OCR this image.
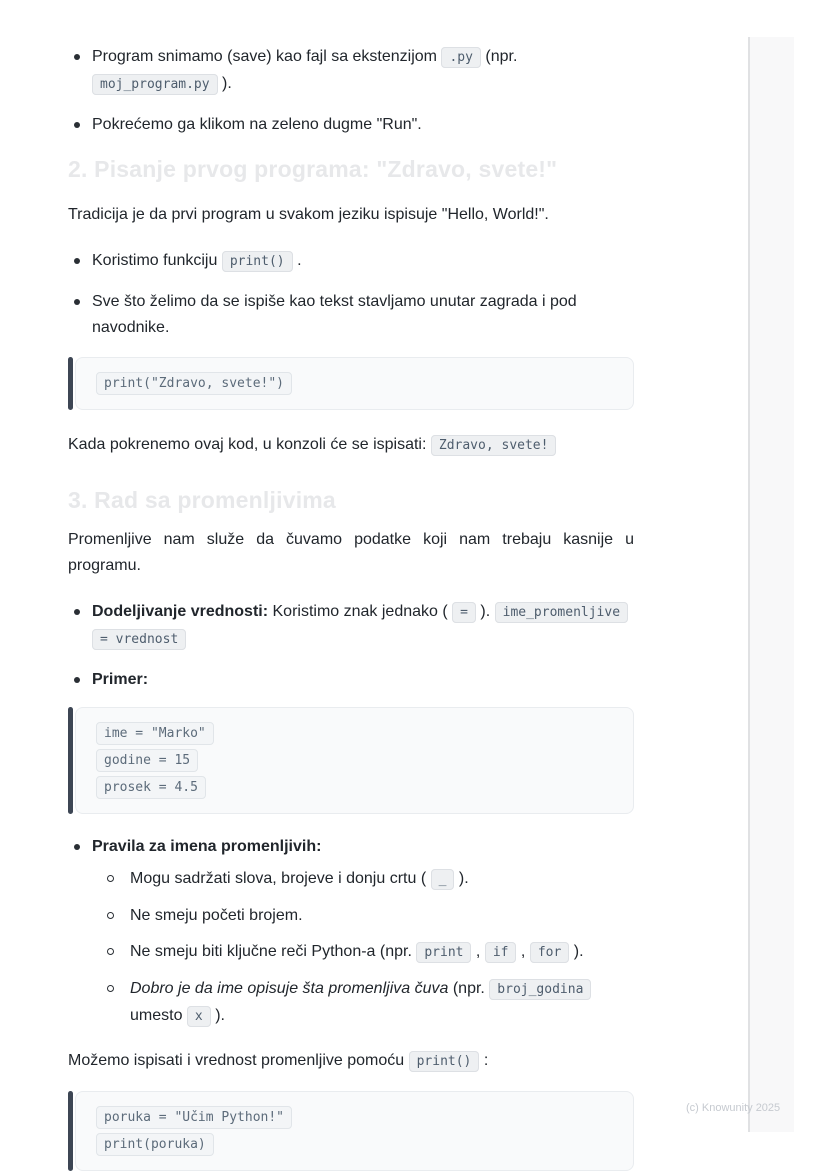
Program snimamo (save) kao fajl sa ekstenzijom .py (npr. moj_program.py ).
Pokrećemo ga klikom na zeleno dugme "Run".
2. Pisanje prvog programa: "Zdravo, svete!"

Tradicija je da prvi program u svakom jeziku ispisuje "Hello, World!".

Koristimo funkciju print() .
Sve što želimo da se ispiše kao tekst stavljamo unutar zagrada i pod navodnike.
print("Zdravo, svete!")

Kada pokrenemo ovaj kod, u konzoli će se ispisati: Zdravo, svete!

3. Rad sa promenljivima

Promenljive nam služe da čuvamo podatke koji nam trebaju kasnije u programu.

Dodeljivanje vrednosti: Koristimo znak jednako ( = ). ime_promenljive = vrednost
Primer:
ime = "Marko"
godine = 15
prosek = 4.5
Pravila za imena promenljivih:
Mogu sadržati slova, brojeve i donju crtu ( _ ).
Ne smeju početi brojem.
Ne smeju biti ključne reči Python-a (npr. print , if , for ).
Dobro je da ime opisuje šta promenljiva čuva (npr. broj_godina umesto x ).

Možemo ispisati i vrednost promenljive pomoću print() :

poruka = "Učim Python!"
print(poruka)
(c) Knowunity 2025
